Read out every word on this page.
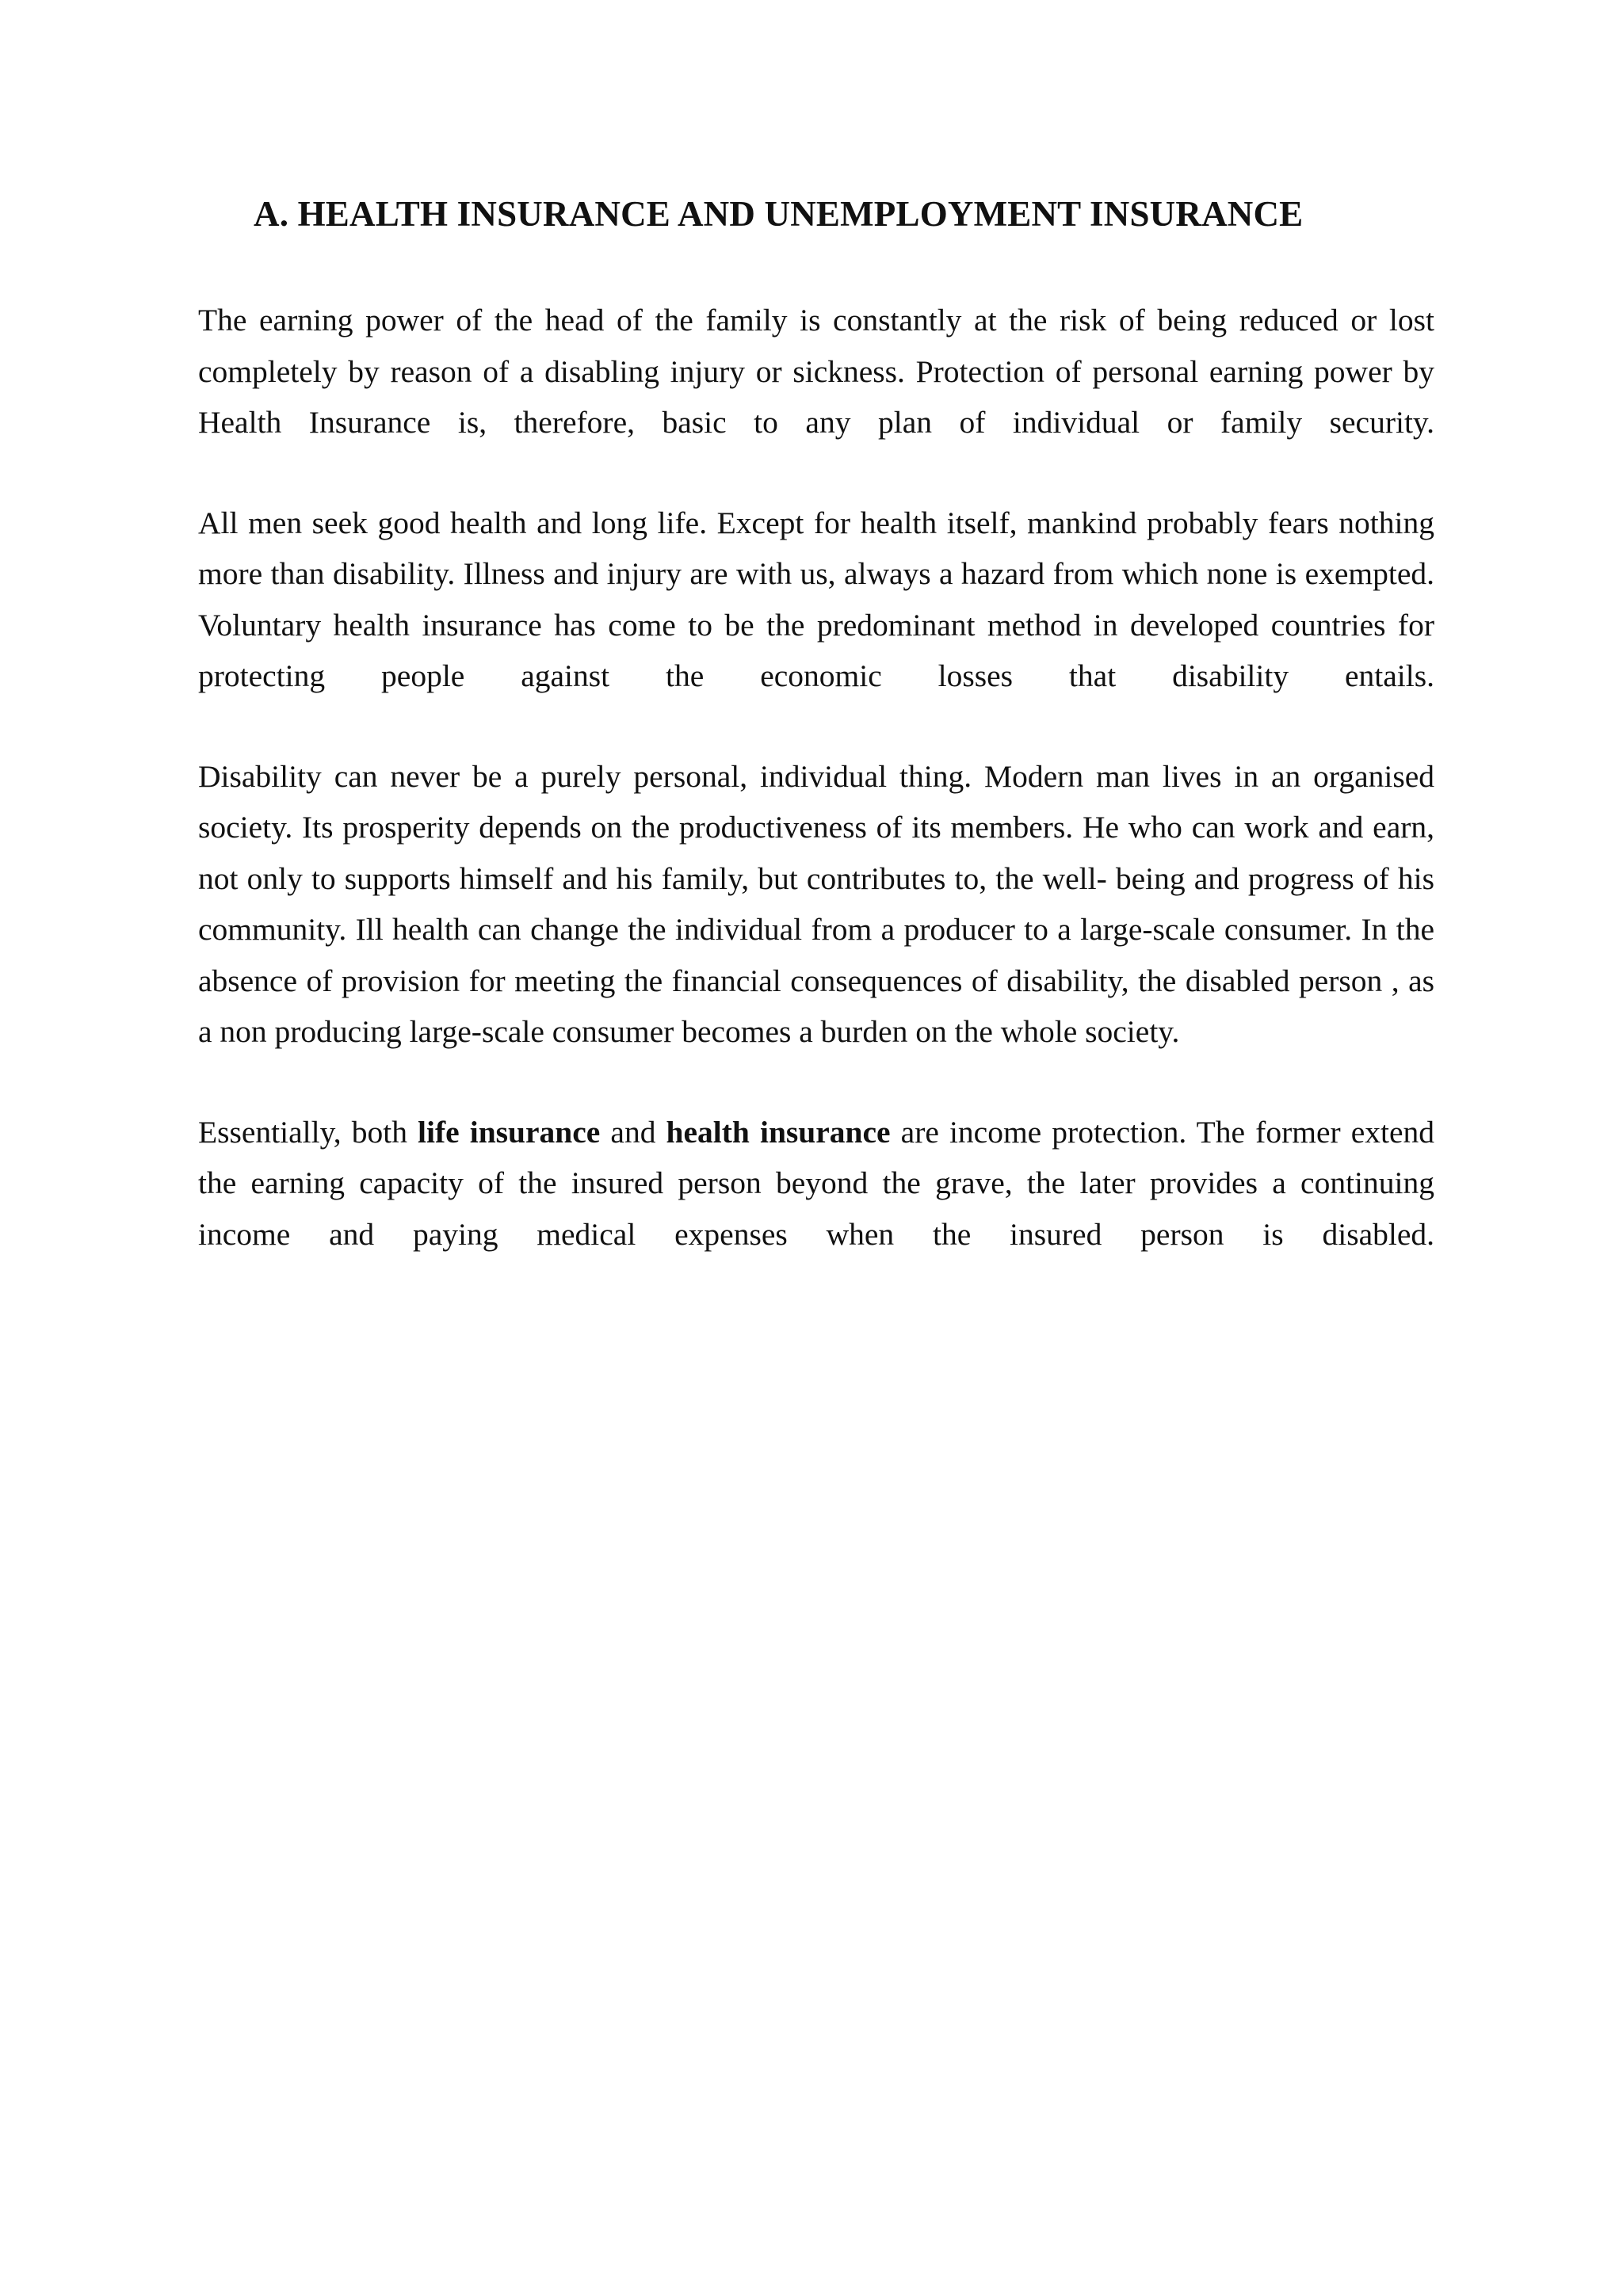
A. HEALTH INSURANCE AND UNEMPLOYMENT INSURANCE

The earning power of the head of the family is constantly at the risk of being reduced or lost completely by reason of a disabling injury or sickness. Protection of personal earning power by Health Insurance is, therefore, basic to any plan of individual or family security.

All men seek good health and long life. Except for health itself, mankind probably fears nothing more than disability. Illness and injury are with us, always a hazard from which none is exempted. Voluntary health insurance has come to be the predominant method in developed countries for protecting people against the economic losses that disability entails.

Disability can never be a purely personal, individual thing. Modern man lives in an organised society. Its prosperity depends on the productiveness of its members. He who can work and earn, not only to supports himself and his family, but contributes to, the well- being and progress of his community. Ill health can change the individual from a producer to a large-scale consumer. In the absence of provision for meeting the financial consequences of disability, the disabled person , as a non producing large-scale consumer becomes a burden on the whole society.

Essentially, both life insurance and health insurance are income protection. The former extend the earning capacity of the insured person beyond the grave, the later provides a continuing income and paying medical expenses when the insured person is disabled.
